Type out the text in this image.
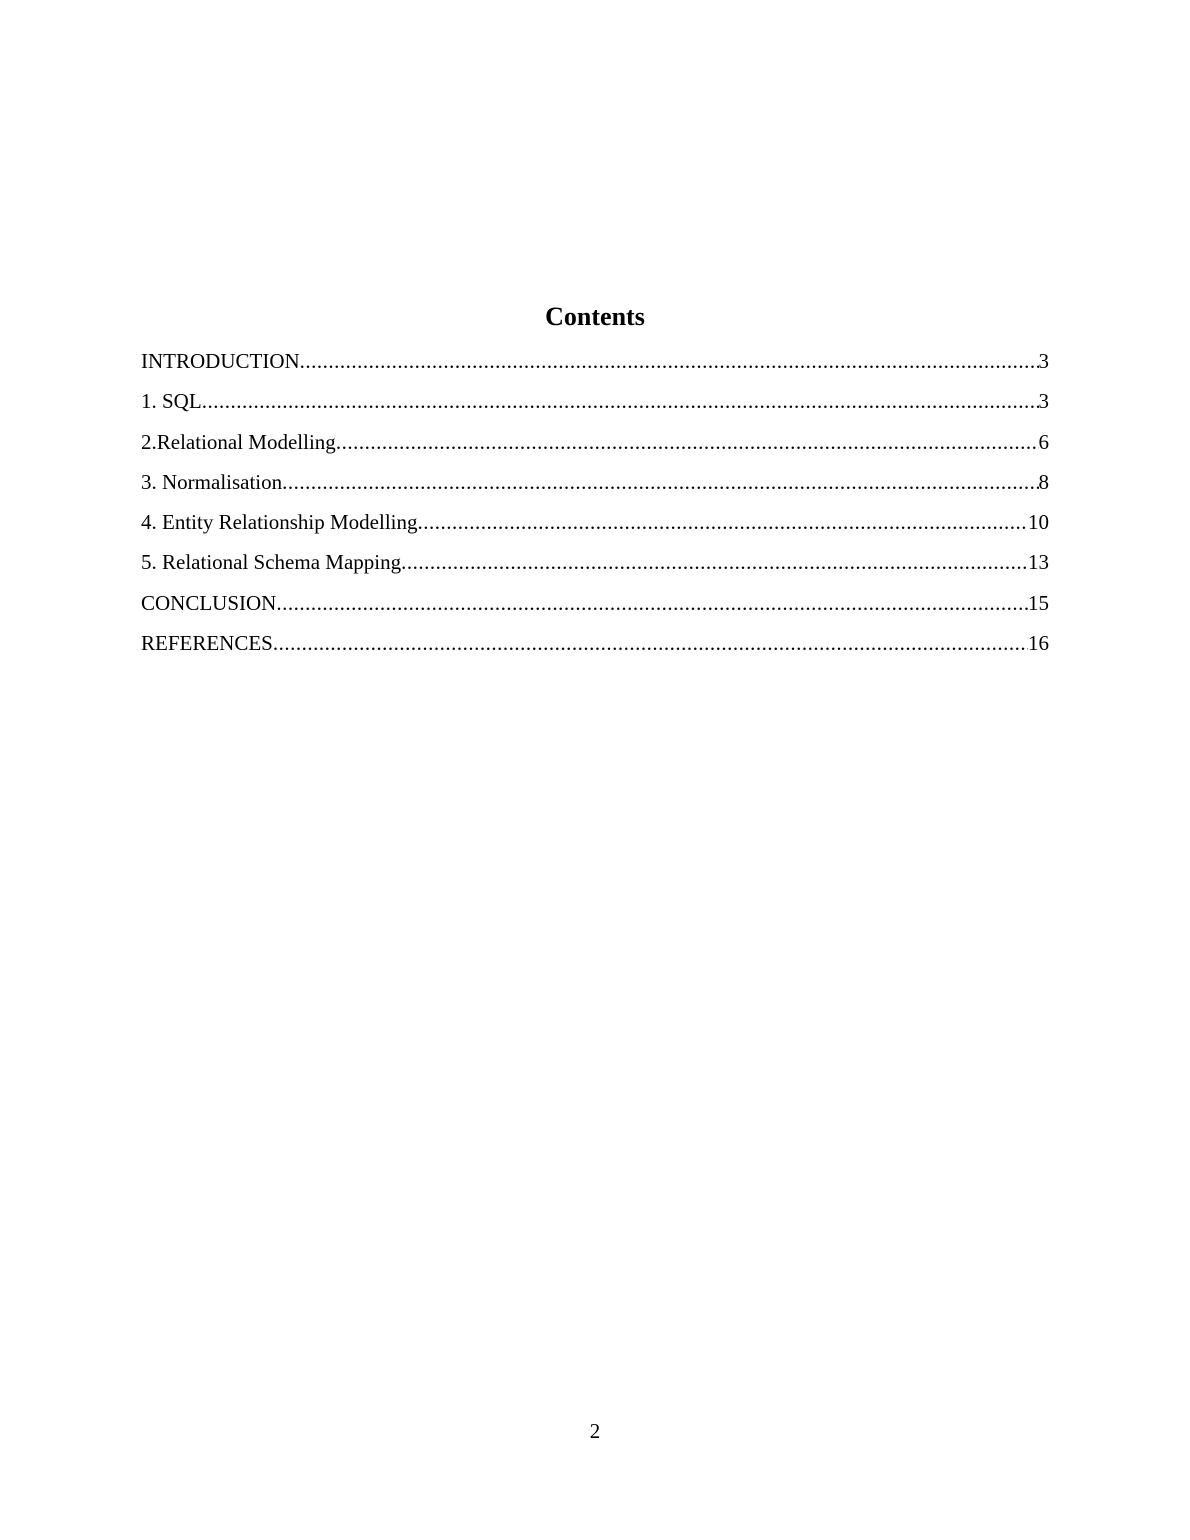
Contents
INTRODUCTION .....	3
1. SQL .....	3
2.Relational Modelling .....	6
3. Normalisation .....	8
4. Entity Relationship Modelling .....	10
5. Relational Schema Mapping .....	13
CONCLUSION .....	15
REFERENCES .....	16
2
